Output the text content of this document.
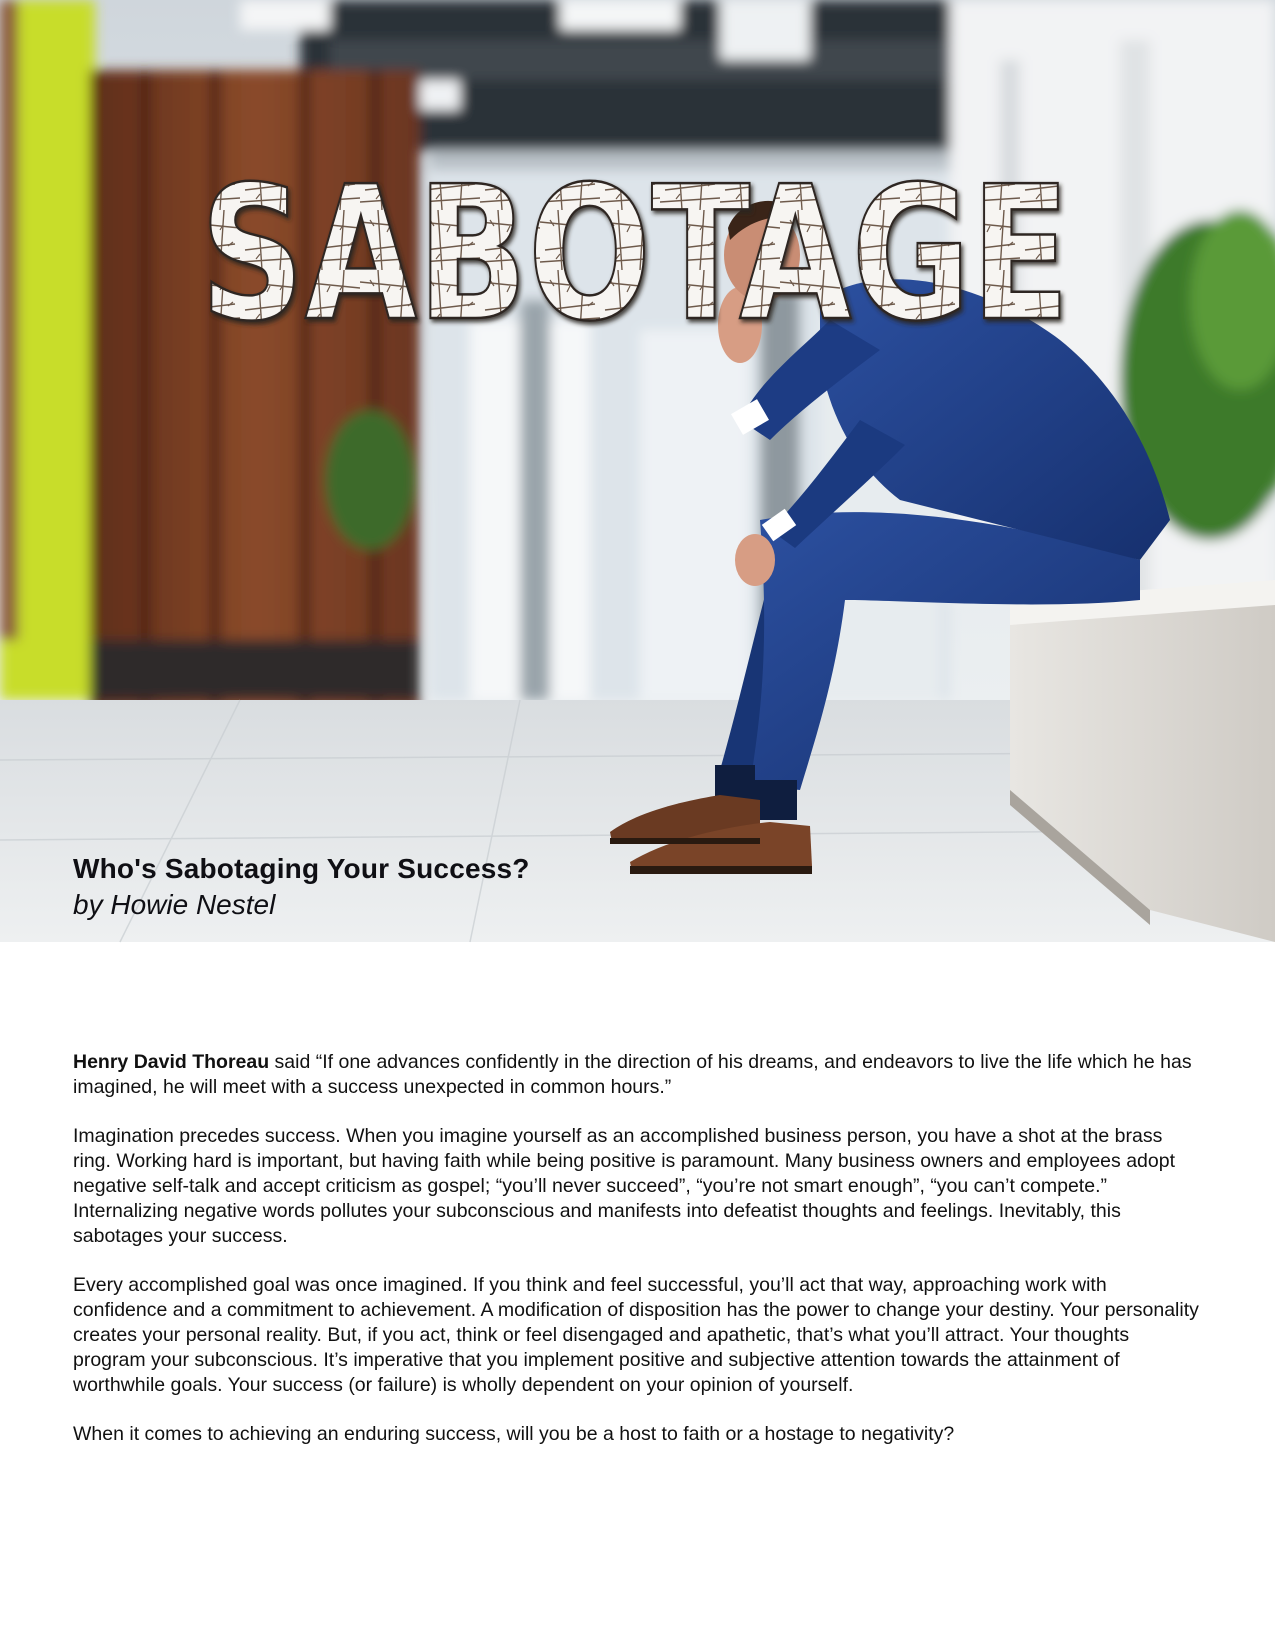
SABOTAGE
Who's Sabotaging Your Success?

by Howie Nestel

Henry David Thoreau said “If one advances confidently in the direction of his dreams, and endeavors to live the life which he has imagined, he will meet with a success unexpected in common hours.”

Imagination precedes success. When you imagine yourself as an accomplished business person, you have a shot at the brass ring. Working hard is important, but having faith while being positive is paramount. Many business owners and employees adopt negative self-talk and accept criticism as gospel; “you’ll never succeed”, “you’re not smart enough”, “you can’t compete.” Internalizing negative words pollutes your subconscious and manifests into defeatist thoughts and feelings. Inevitably, this sabotages your success.

Every accomplished goal was once imagined. If you think and feel successful, you’ll act that way, approaching work with confidence and a commitment to achievement. A modification of disposition has the power to change your destiny. Your personality creates your personal reality. But, if you act, think or feel disengaged and apathetic, that’s what you’ll attract. Your thoughts program your subconscious. It’s imperative that you implement positive and subjective attention towards the attainment of worthwhile goals. Your success (or failure) is wholly dependent on your opinion of yourself.

When it comes to achieving an enduring success, will you be a host to faith or a hostage to negativity?
